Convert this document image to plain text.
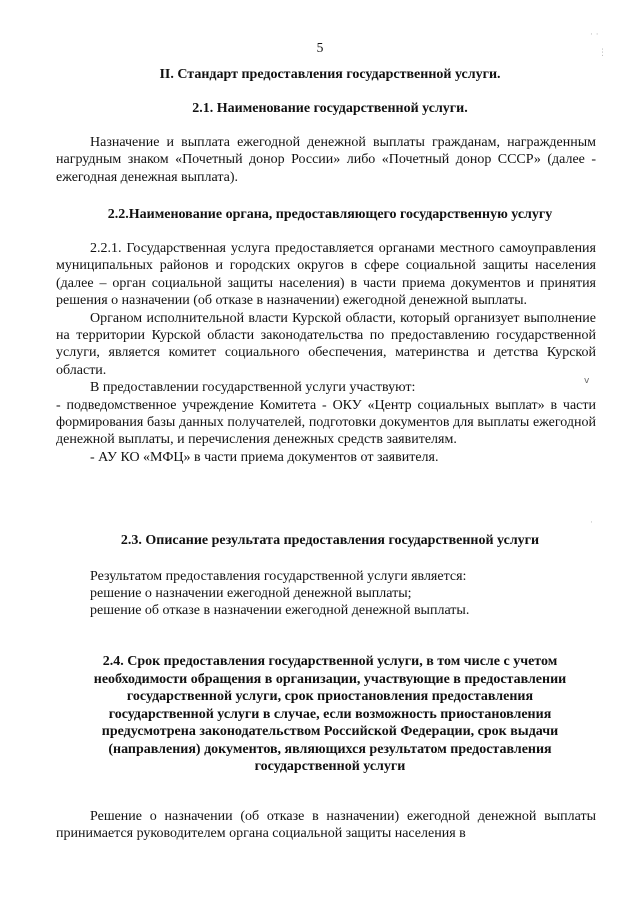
5
II. Стандарт предоставления государственной услуги.
2.1. Наименование государственной услуги.

Назначение и выплата ежегодной денежной выплаты гражданам, награжденным нагрудным знаком «Почетный донор России» либо «Почетный донор СССР» (далее - ежегодная денежная выплата).

2.2.Наименование органа, предоставляющего государственную услугу

2.2.1. Государственная услуга предоставляется органами местного самоуправления муниципальных районов и городских округов в сфере социальной защиты населения (далее – орган социальной защиты населения) в части приема документов и принятия решения о назначении (об отказе в назначении) ежегодной денежной выплаты.

Органом исполнительной власти Курской области, который организует выполнение на территории Курской области законодательства по предоставлению государственной услуги, является комитет социального обеспечения, материнства и детства Курской области.

В предоставлении государственной услуги участвуют:

- подведомственное учреждение Комитета - ОКУ «Центр социальных выплат» в части формирования базы данных получателей, подготовки документов для выплаты ежегодной денежной выплаты, и перечисления денежных средств заявителям.

- АУ КО «МФЦ» в части приема документов от заявителя.

2.3. Описание результата предоставления государственной услуги
Результатом предоставления государственной услуги является:
решение о назначении ежегодной денежной выплаты;
решение об отказе в назначении ежегодной денежной выплаты.
2.4. Срок предоставления государственной услуги, в том числе с учетом
необходимости обращения в организации, участвующие в предоставлении
государственной услуги, срок приостановления предоставления
государственной услуги в случае, если возможность приостановления
предусмотрена законодательством Российской Федерации, срок выдачи
(направления) документов, являющихся результатом предоставления
государственной услуги

Решение о назначении (об отказе в назначении) ежегодной денежной выплаты принимается руководителем органа социальной защиты населения в

· ·
⋮
v
·
